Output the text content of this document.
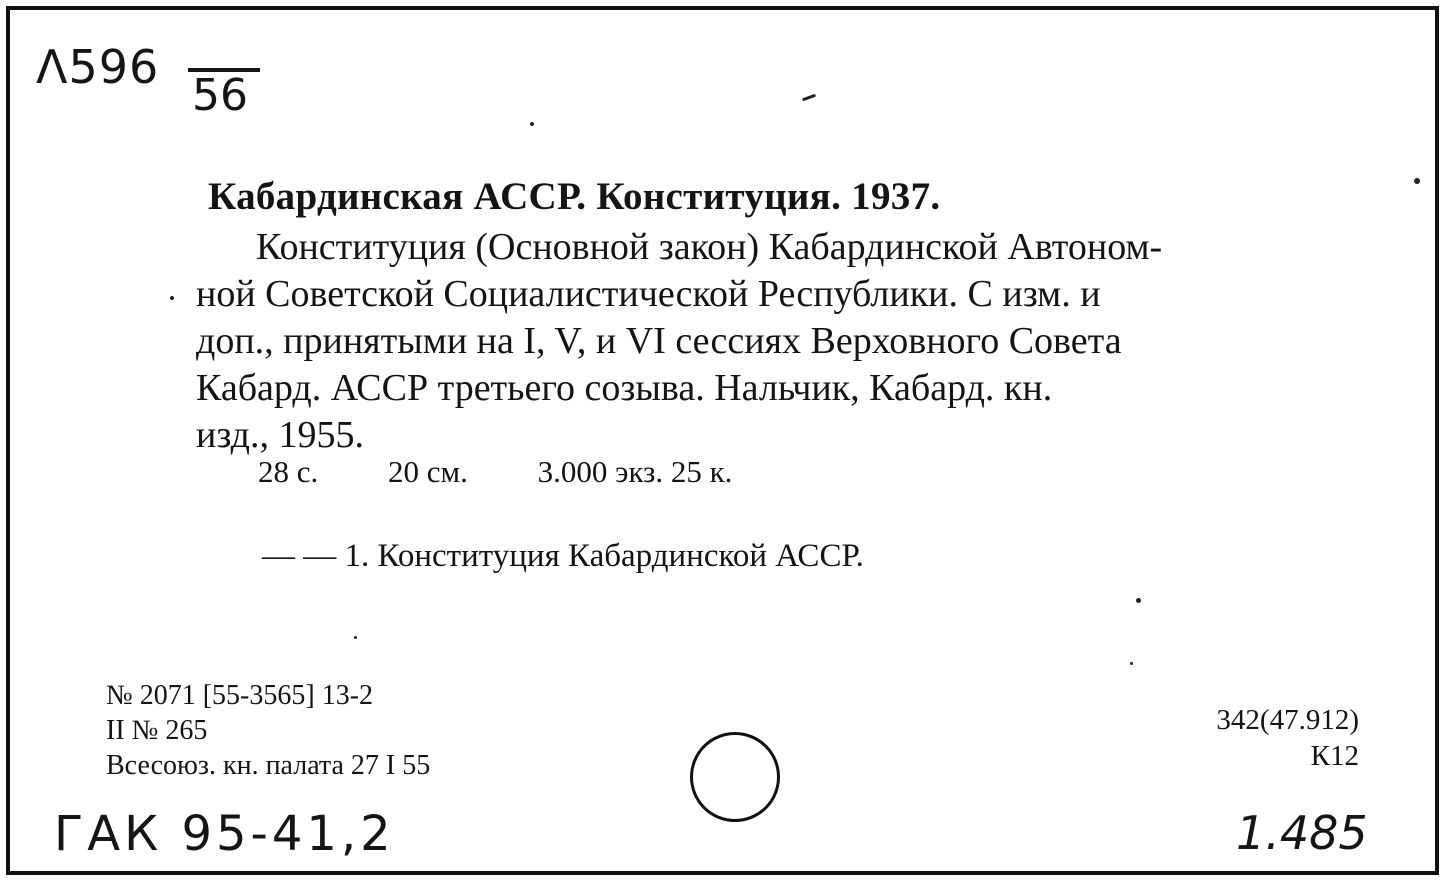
Λ596
56
Кабардинская АССР. Конституция. 1937.
Конституция (Основной закон) Кабардинской Автоном-
ной Советской Социалистической Республики. С изм. и
доп., принятыми на I, V, и VI сессиях Верховного Совета
Кабард. АССР третьего созыва. Нальчик, Кабард. кн.
изд., 1955.
28 с. 20 см. 3.000 экз. 25 к.
— — 1. Конституция Кабардинской АССР.
№ 2071 [55-3565] 13-2
II № 265
Всесоюз. кн. палата 27 I 55
342(47.912)
К12
ГАК 95-41,2	1.485
